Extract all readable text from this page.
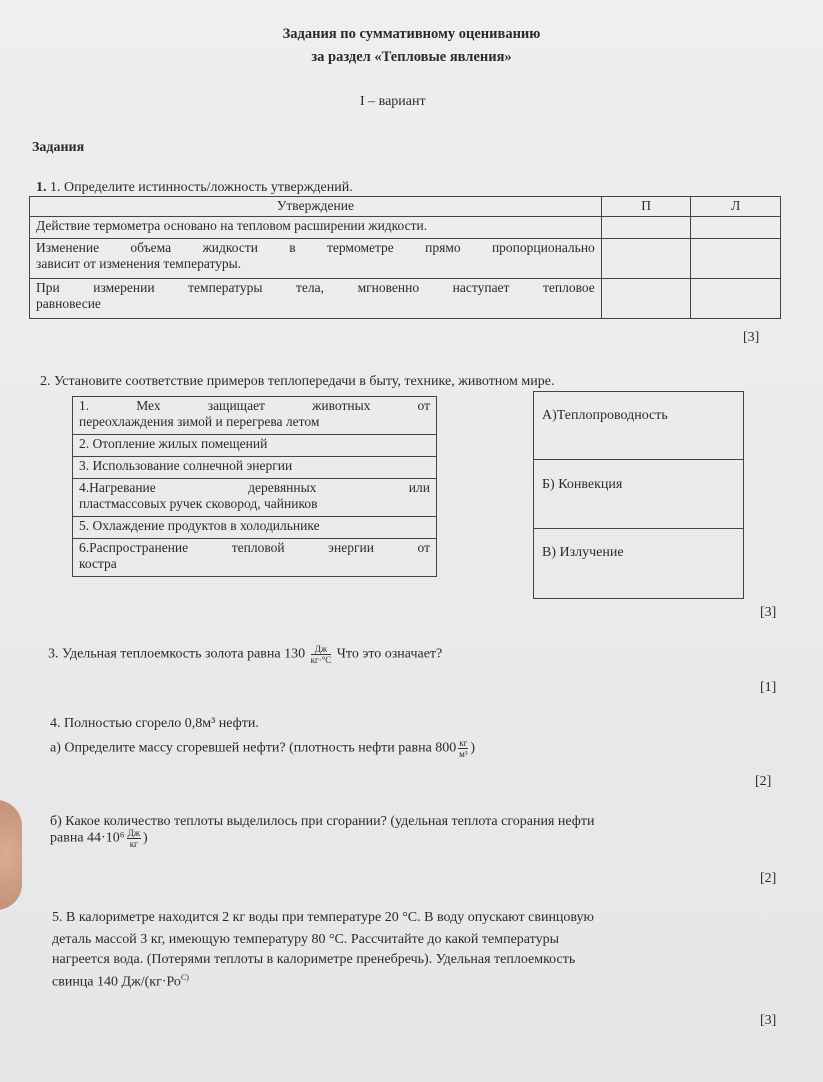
Задания по суммативному оцениванию
за раздел «Тепловые явления»
I – вариант
Задания
1. 1. Определите истинность/ложность утверждений.
Утверждение	П	Л
Действие термометра основано на тепловом расширении жидкости.		

Изменение объема жидкости в термометре прямо пропорционально
зависит от изменения температуры.		

При измерении температуры тела, мгновенно наступает тепловое
равновесие		

[3]
2. Установите соответствие примеров теплопередачи в быту, технике, животном мире.
1. Мех защищает животных от
переохлаждения зимой и перегрева летом

2. Отопление жилых помещений
3. Использование солнечной энергии

4.Нагревание деревянных или
пластмассовых ручек сковород, чайников

5. Охлаждение продуктов в холодильнике

6.Распространение тепловой энергии от
костра
А)Теплопроводность
Б) Конвекция
В) Излучение
[3]
3. Удельная теплоемкость золота равна $130 \frac{Дж}{кг\cdot^\circ С}$ Что это означает?
[1]
4. Полностью сгорело 0,8м³ нефти.
а) Определите массу сгоревшей нефти? (плотность нефти равна $800 \frac{кг}{\text{м³}}$ )
[2]
б) Какое количество теплоты выделилось при сгорании? (удельная теплота сгорания нефти
равна $44\cdot 10^6 \frac{Дж}{кг}$ )
[2]
5. В калориметре находится 2 кг воды при температуре 20 °С. В воду опускают свинцовую
деталь массой 3 кг, имеющую температуру 80 °С. Рассчитайте до какой температуры
нагреется вода. (Потерями теплоты в калориметре пренебречь). Удельная теплоемкость
свинца 140 $Дж/(кг\cdot Ро^{С)}$
[3]
